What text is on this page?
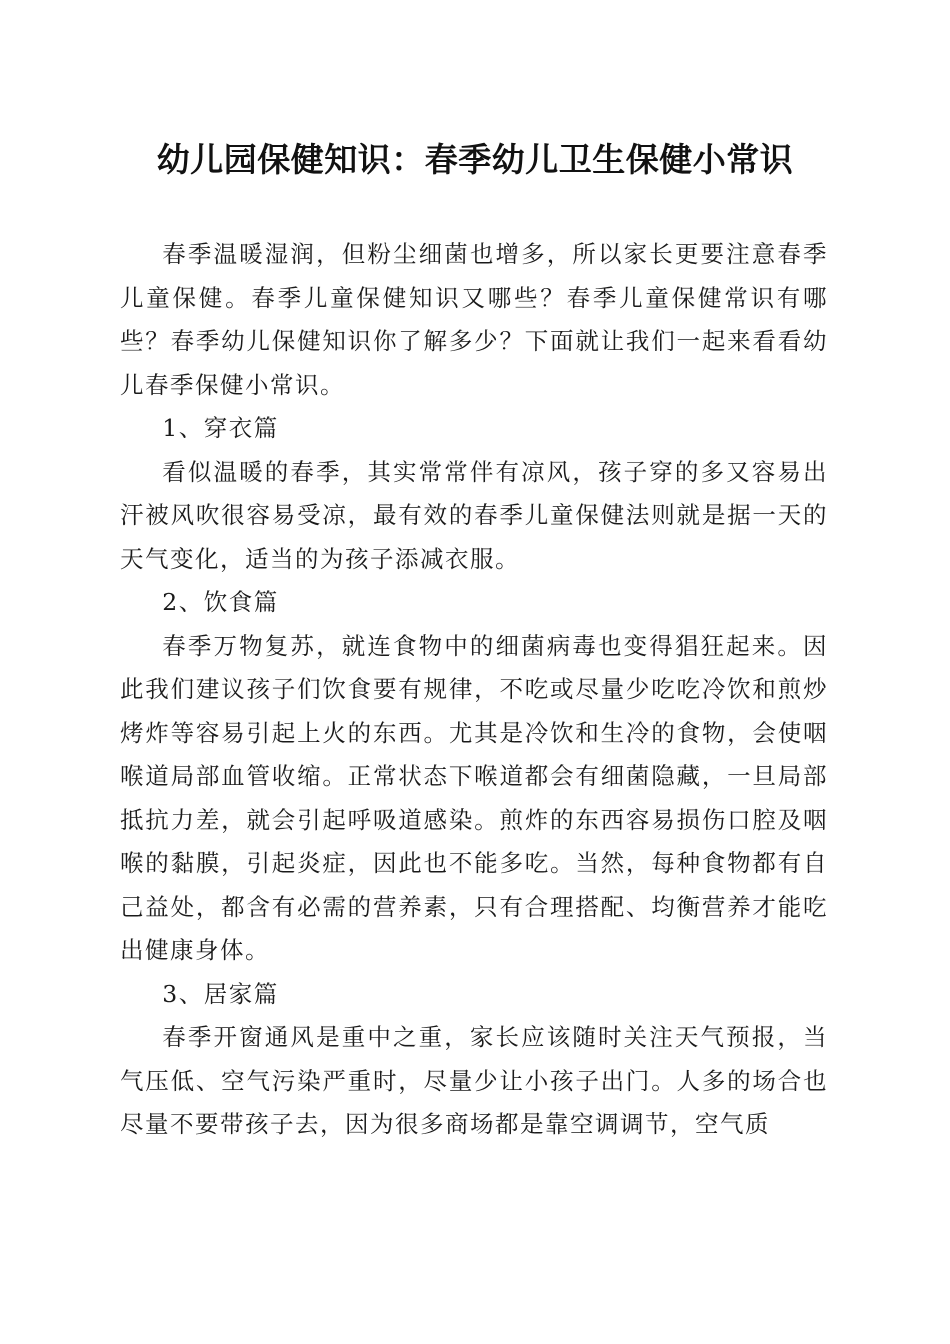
幼儿园保健知识：春季幼儿卫生保健小常识

春季温暖湿润，但粉尘细菌也增多，所以家长更要注意春季儿童保健。春季儿童保健知识又哪些？春季儿童保健常识有哪些？春季幼儿保健知识你了解多少？下面就让我们一起来看看幼儿春季保健小常识。

1、穿衣篇

看似温暖的春季，其实常常伴有凉风，孩子穿的多又容易出汗被风吹很容易受凉，最有效的春季儿童保健法则就是据一天的天气变化，适当的为孩子添减衣服。

2、饮食篇

春季万物复苏，就连食物中的细菌病毒也变得猖狂起来。因此我们建议孩子们饮食要有规律，不吃或尽量少吃吃冷饮和煎炒烤炸等容易引起上火的东西。尤其是冷饮和生冷的食物，会使咽喉道局部血管收缩。正常状态下喉道都会有细菌隐藏，一旦局部抵抗力差，就会引起呼吸道感染。煎炸的东西容易损伤口腔及咽喉的黏膜，引起炎症，因此也不能多吃。当然，每种食物都有自己益处，都含有必需的营养素，只有合理搭配、均衡营养才能吃出健康身体。

3、居家篇

春季开窗通风是重中之重，家长应该随时关注天气预报，当气压低、空气污染严重时，尽量少让小孩子出门。人多的场合也尽量不要带孩子去，因为很多商场都是靠空调调节，空气质
